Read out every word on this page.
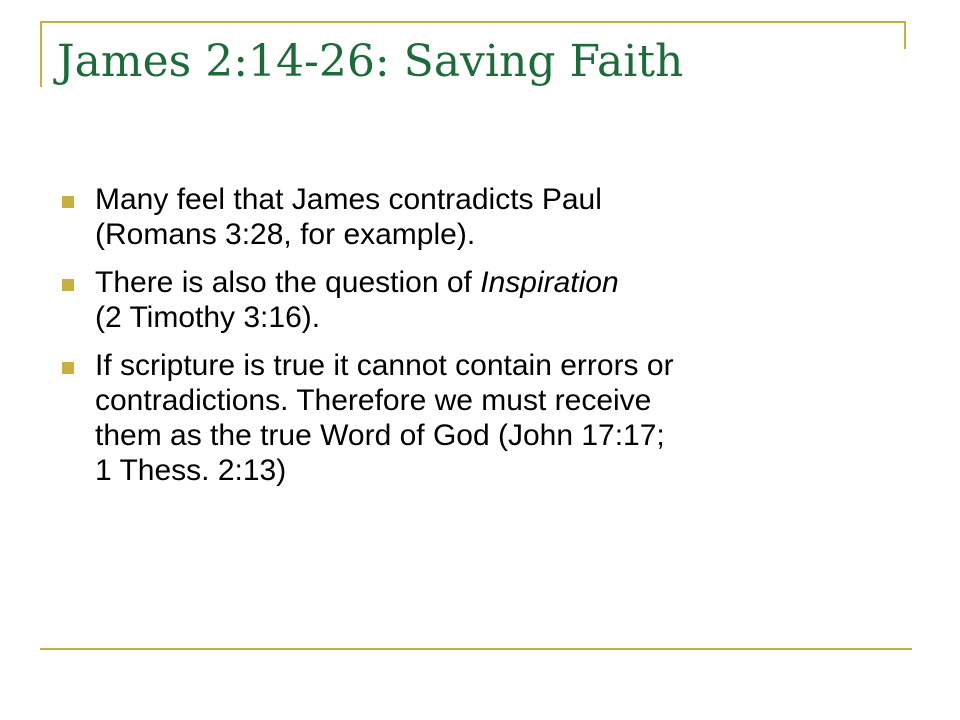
James 2:14-26: Saving Faith
Many feel that James contradicts Paul
(Romans 3:28, for example).
There is also the question of Inspiration
(2 Timothy 3:16).
If scripture is true it cannot contain errors or
contradictions. Therefore we must receive
them as the true Word of God (John 17:17;
1 Thess. 2:13)
